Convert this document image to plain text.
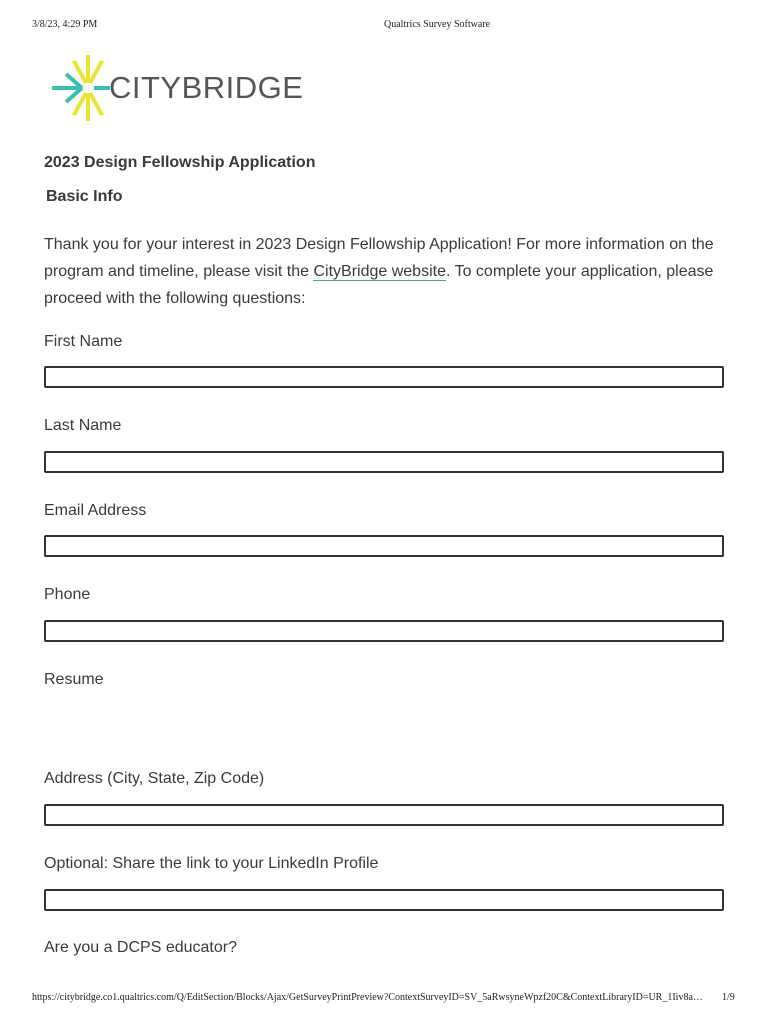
3/8/23, 4:29 PM	Qualtrics Survey Software
CITYBRIDGE
2023 Design Fellowship Application
Basic Info
Thank you for your interest in 2023 Design Fellowship Application! For more information on the program and timeline, please visit the CityBridge website. To complete your application, please proceed with the following questions:
First Name
Last Name
Email Address
Phone
Resume
Address (City, State, Zip Code)
Optional: Share the link to your LinkedIn Profile
Are you a DCPS educator?
https://citybridge.co1.qualtrics.com/Q/EditSection/Blocks/Ajax/GetSurveyPrintPreview?ContextSurveyID=SV_5aRwsyneWpzf20C&ContextLibraryID=UR_1Iiv8a…	1/9
